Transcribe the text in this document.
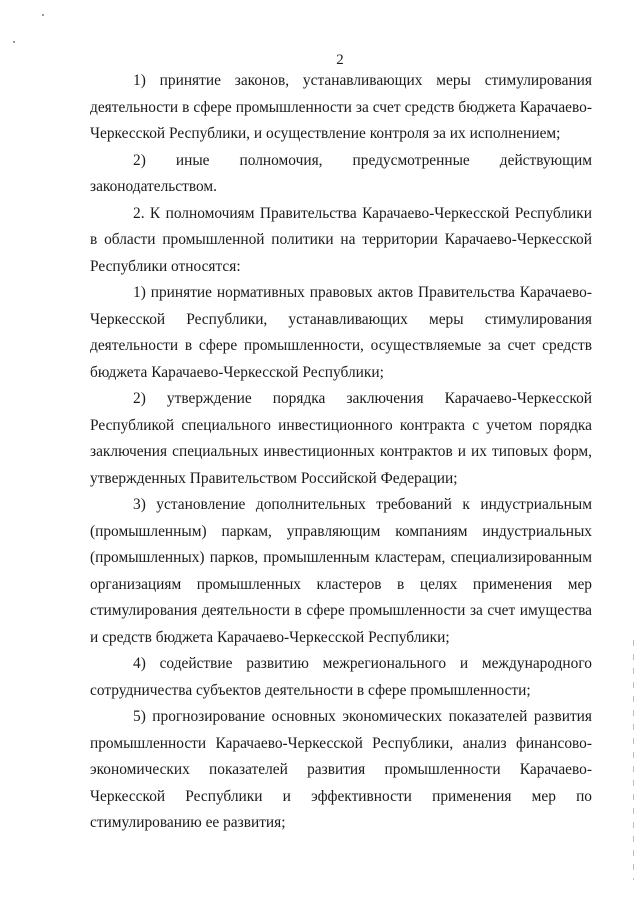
2

1) принятие законов, устанавливающих меры стимулирования деятельности в сфере промышленности за счет средств бюджета Карачаево-Черкесской Республики, и осуществление контроля за их исполнением;

2) иные полномочия, предусмотренные действующим законодательством.

2. К полномочиям Правительства Карачаево-Черкесской Республики в области промышленной политики на территории Карачаево-Черкесской Республики относятся:

1) принятие нормативных правовых актов Правительства Карачаево-Черкесской Республики, устанавливающих меры стимулирования деятельности в сфере промышленности, осуществляемые за счет средств бюджета Карачаево-Черкесской Республики;

2) утверждение порядка заключения Карачаево-Черкесской Республикой специального инвестиционного контракта с учетом порядка заключения специальных инвестиционных контрактов и их типовых форм, утвержденных Правительством Российской Федерации;

3) установление дополнительных требований к индустриальным (промышленным) паркам, управляющим компаниям индустриальных (промышленных) парков, промышленным кластерам, специализированным организациям промышленных кластеров в целях применения мер стимулирования деятельности в сфере промышленности за счет имущества и средств бюджета Карачаево-Черкесской Республики;

4) содействие развитию межрегионального и международного сотрудничества субъектов деятельности в сфере промышленности;

5) прогнозирование основных экономических показателей развития промышленности Карачаево-Черкесской Республики, анализ финансово-экономических показателей развития промышленности Карачаево-Черкесской Республики и эффективности применения мер по стимулированию ее развития;
